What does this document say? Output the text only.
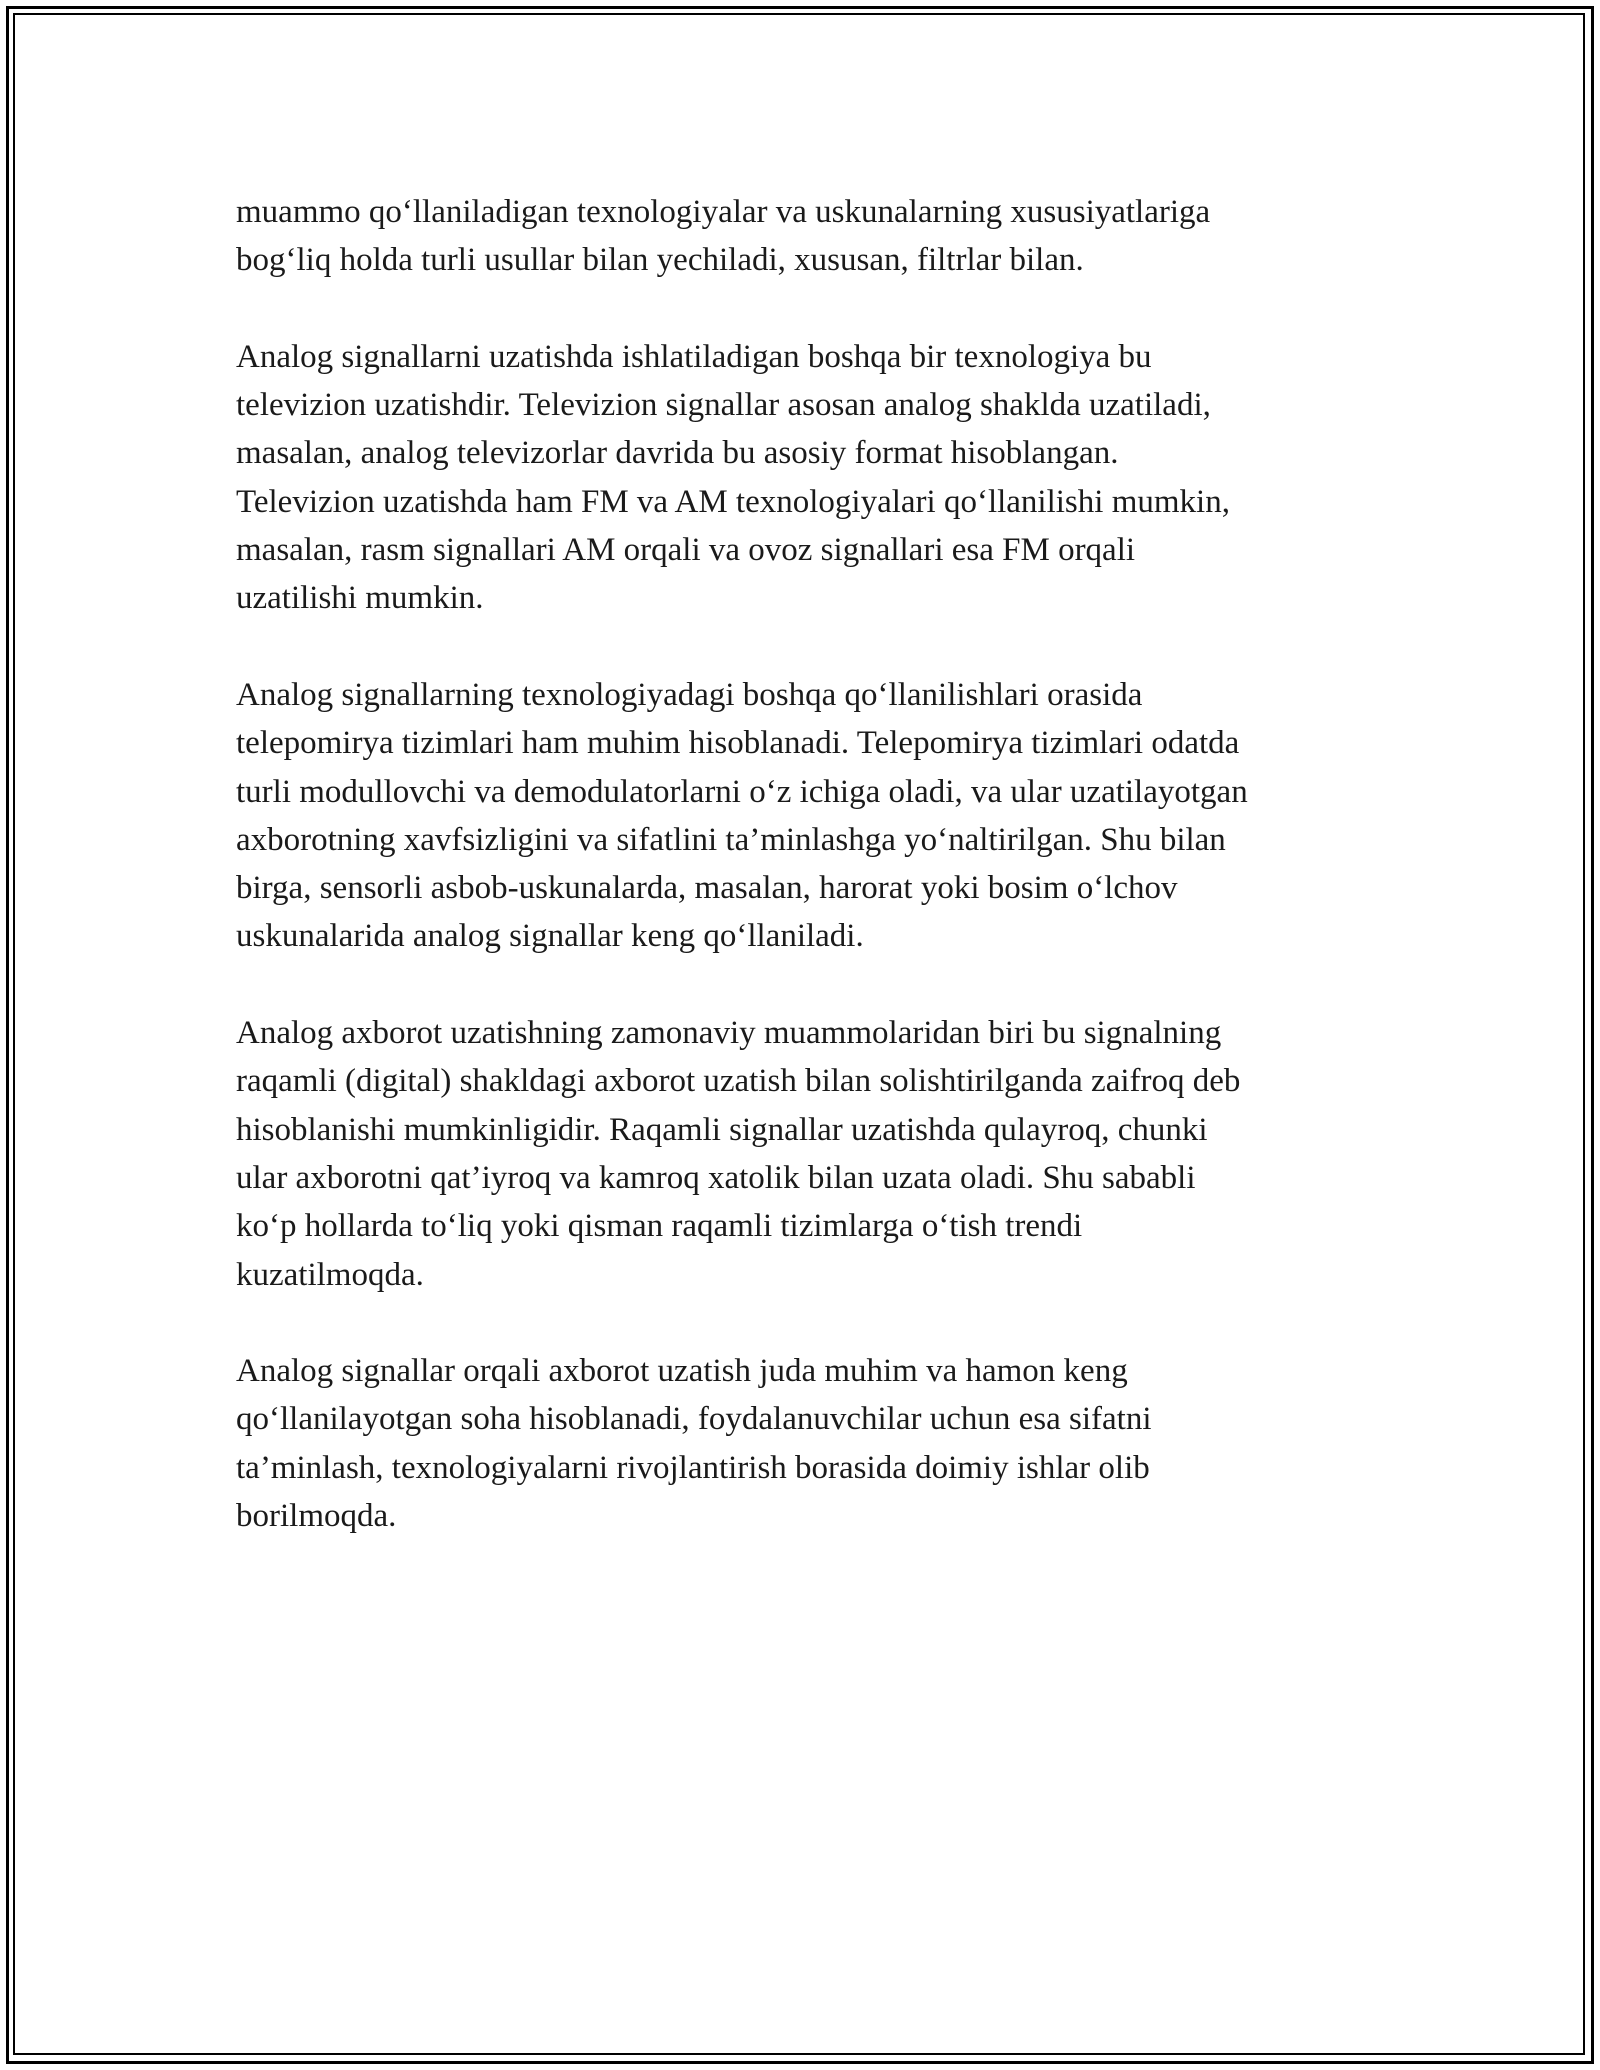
muammo qo‘llaniladigan texnologiyalar va uskunalarning xususiyatlariga
bog‘liq holda turli usullar bilan yechiladi, xususan, filtrlar bilan.

Analog signallarni uzatishda ishlatiladigan boshqa bir texnologiya bu
televizion uzatishdir. Televizion signallar asosan analog shaklda uzatiladi,
masalan, analog televizorlar davrida bu asosiy format hisoblangan.
Televizion uzatishda ham FM va AM texnologiyalari qo‘llanilishi mumkin,
masalan, rasm signallari AM orqali va ovoz signallari esa FM orqali
uzatilishi mumkin.

Analog signallarning texnologiyadagi boshqa qo‘llanilishlari orasida
telepomirya tizimlari ham muhim hisoblanadi. Telepomirya tizimlari odatda
turli modullovchi va demodulatorlarni o‘z ichiga oladi, va ular uzatilayotgan
axborotning xavfsizligini va sifatlini ta’minlashga yo‘naltirilgan. Shu bilan
birga, sensorli asbob-uskunalarda, masalan, harorat yoki bosim o‘lchov
uskunalarida analog signallar keng qo‘llaniladi.

Analog axborot uzatishning zamonaviy muammolaridan biri bu signalning
raqamli (digital) shakldagi axborot uzatish bilan solishtirilganda zaifroq deb
hisoblanishi mumkinligidir. Raqamli signallar uzatishda qulayroq, chunki
ular axborotni qat’iyroq va kamroq xatolik bilan uzata oladi. Shu sababli
ko‘p hollarda to‘liq yoki qisman raqamli tizimlarga o‘tish trendi
kuzatilmoqda.

Analog signallar orqali axborot uzatish juda muhim va hamon keng
qo‘llanilayotgan soha hisoblanadi, foydalanuvchilar uchun esa sifatni
ta’minlash, texnologiyalarni rivojlantirish borasida doimiy ishlar olib
borilmoqda.
